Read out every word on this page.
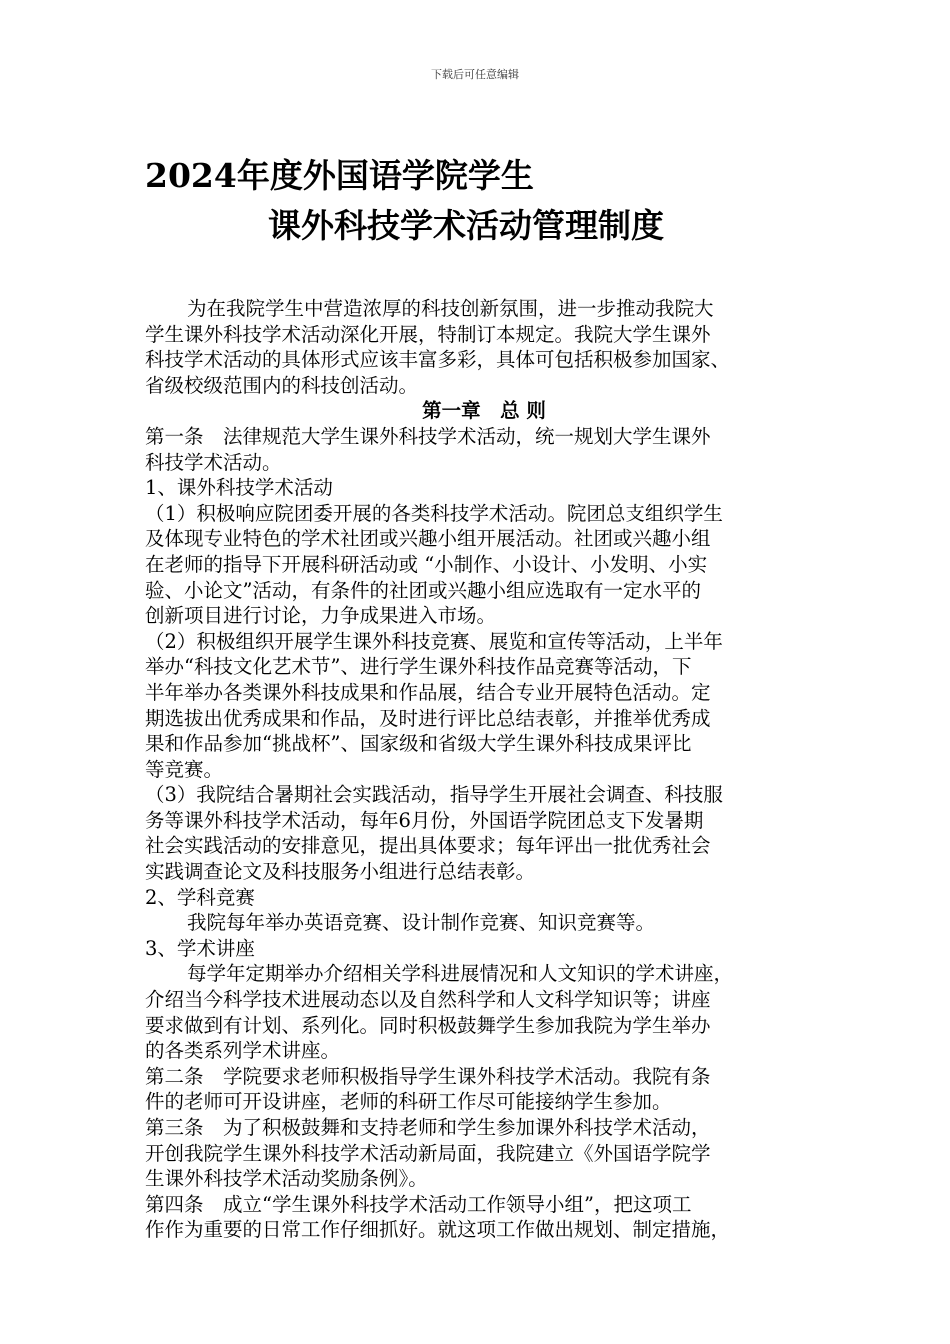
下载后可任意编辑
2024年度外国语学院学生
课外科技学术活动管理制度

为在我院学生中营造浓厚的科技创新氛围，进一步推动我院大

学生课外科技学术活动深化开展，特制订本规定。我院大学生课外

科技学术活动的具体形式应该丰富多彩，具体可包括积极参加国家、

省级校级范围内的科技创活动。

第一章　总 则

第一条　法律规范大学生课外科技学术活动，统一规划大学生课外

科技学术活动。

1、课外科技学术活动

（1）积极响应院团委开展的各类科技学术活动。院团总支组织学生

及体现专业特色的学术社团或兴趣小组开展活动。社团或兴趣小组

在老师的指导下开展科研活动或 “小制作、小设计、小发明、小实

验、小论文”活动，有条件的社团或兴趣小组应选取有一定水平的

创新项目进行讨论，力争成果进入市场。

（2）积极组织开展学生课外科技竞赛、展览和宣传等活动，上半年

举办“科技文化艺术节”、进行学生课外科技作品竞赛等活动，下

半年举办各类课外科技成果和作品展，结合专业开展特色活动。定

期选拔出优秀成果和作品，及时进行评比总结表彰，并推举优秀成

果和作品参加“挑战杯”、国家级和省级大学生课外科技成果评比

等竞赛。

（3）我院结合暑期社会实践活动，指导学生开展社会调查、科技服

务等课外科技学术活动，每年6月份，外国语学院团总支下发暑期

社会实践活动的安排意见，提出具体要求；每年评出一批优秀社会

实践调查论文及科技服务小组进行总结表彰。

2、学科竞赛

我院每年举办英语竞赛、设计制作竞赛、知识竞赛等。

3、学术讲座

每学年定期举办介绍相关学科进展情况和人文知识的学术讲座，

介绍当今科学技术进展动态以及自然科学和人文科学知识等；讲座

要求做到有计划、系列化。同时积极鼓舞学生参加我院为学生举办

的各类系列学术讲座。

第二条　学院要求老师积极指导学生课外科技学术活动。我院有条

件的老师可开设讲座，老师的科研工作尽可能接纳学生参加。

第三条　为了积极鼓舞和支持老师和学生参加课外科技学术活动，

开创我院学生课外科技学术活动新局面，我院建立《外国语学院学

生课外科技学术活动奖励条例》。

第四条　成立“学生课外科技学术活动工作领导小组”，把这项工

作作为重要的日常工作仔细抓好。就这项工作做出规划、制定措施，
